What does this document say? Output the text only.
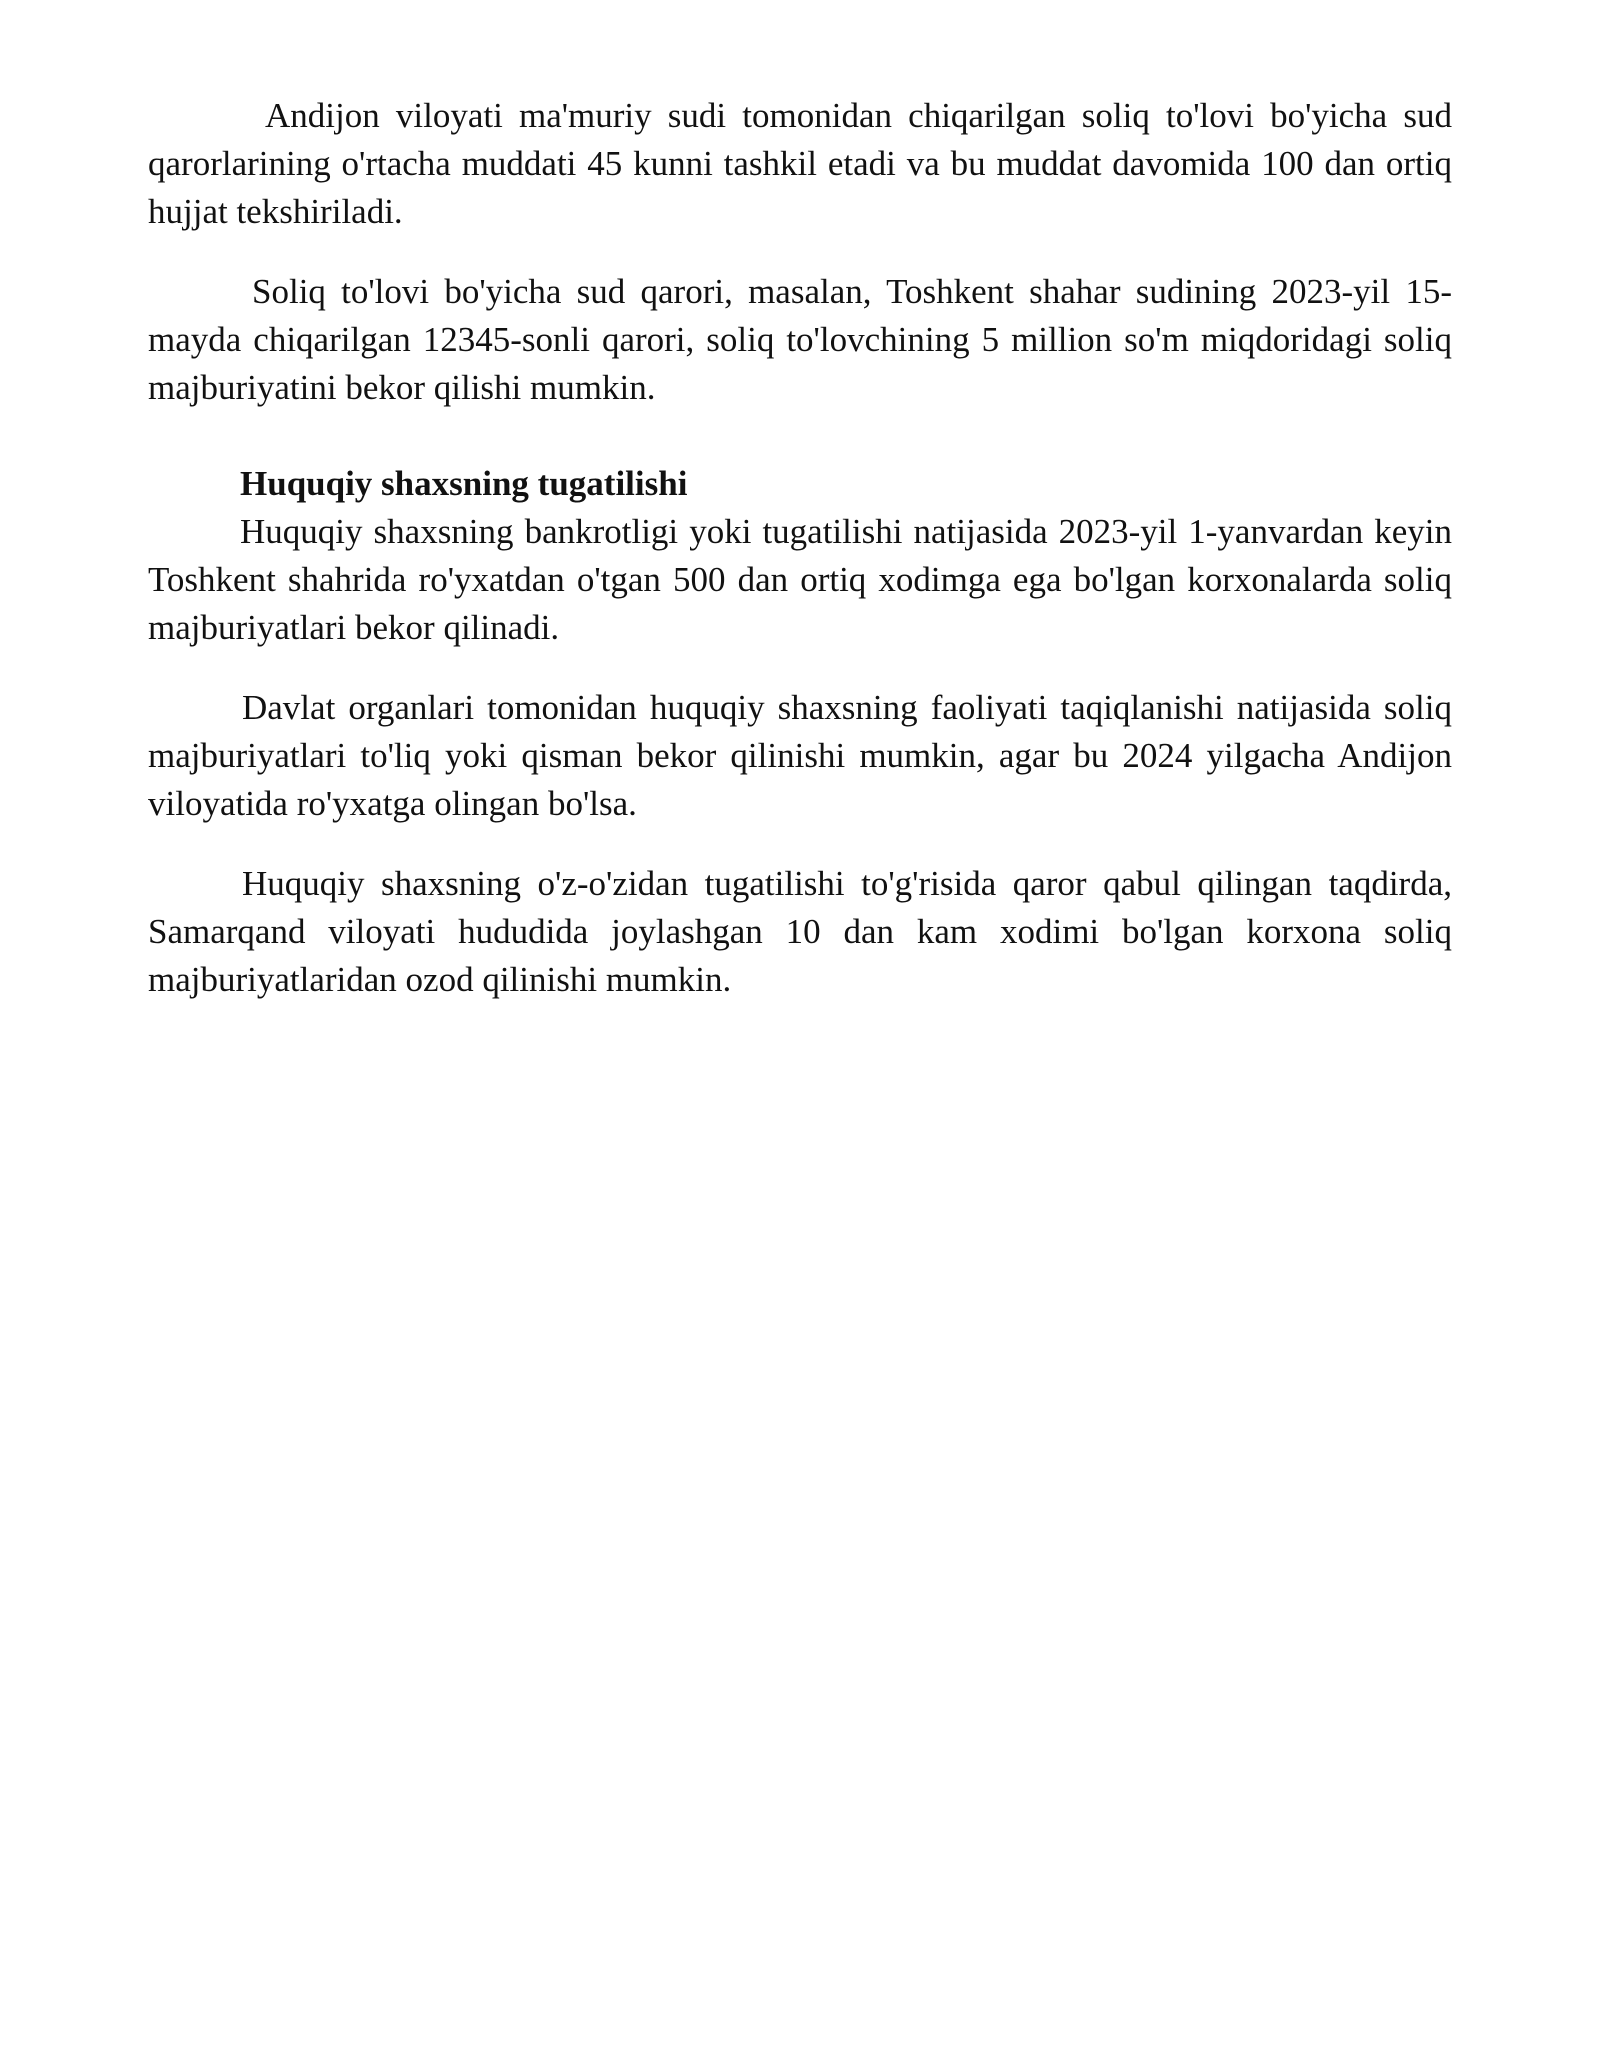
Andijon viloyati ma'muriy sudi tomonidan chiqarilgan soliq to'lovi bo'yicha sud qarorlarining o'rtacha muddati 45 kunni tashkil etadi va bu muddat davomida 100 dan ortiq hujjat tekshiriladi.

Soliq to'lovi bo'yicha sud qarori, masalan, Toshkent shahar sudining 2023-yil 15-mayda chiqarilgan 12345-sonli qarori, soliq to'lovchining 5 million so'm miqdoridagi soliq majburiyatini bekor qilishi mumkin.

Huquqiy shaxsning tugatilishi

Huquqiy shaxsning bankrotligi yoki tugatilishi natijasida 2023-yil 1-yanvardan keyin Toshkent shahrida ro'yxatdan o'tgan 500 dan ortiq xodimga ega bo'lgan korxonalarda soliq majburiyatlari bekor qilinadi.

Davlat organlari tomonidan huquqiy shaxsning faoliyati taqiqlanishi natijasida soliq majburiyatlari to'liq yoki qisman bekor qilinishi mumkin, agar bu 2024 yilgacha Andijon viloyatida ro'yxatga olingan bo'lsa.

Huquqiy shaxsning o'z-o'zidan tugatilishi to'g'risida qaror qabul qilingan taqdirda, Samarqand viloyati hududida joylashgan 10 dan kam xodimi bo'lgan korxona soliq majburiyatlaridan ozod qilinishi mumkin.
